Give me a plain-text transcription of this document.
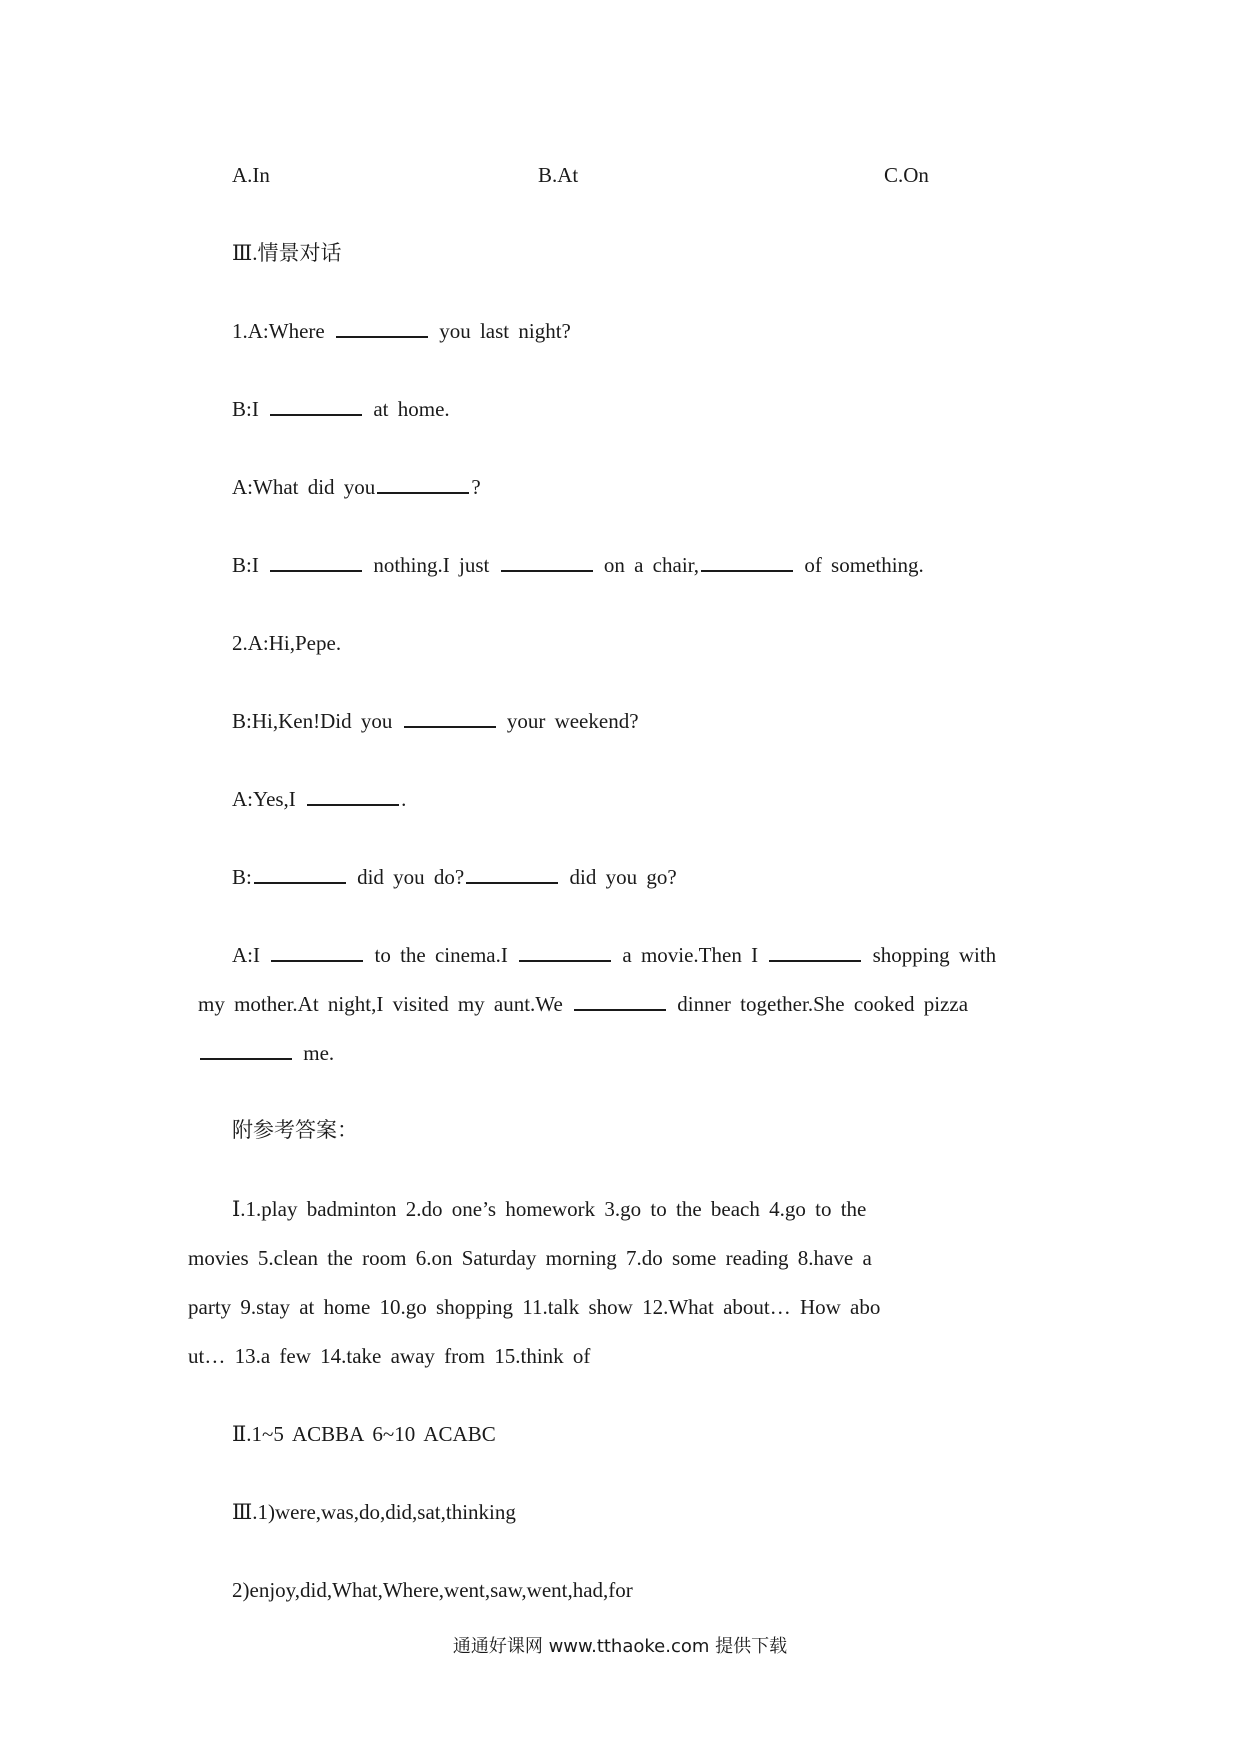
A.In	B.At	C.On
Ⅲ.情景对话
1.A:Where	you last night?
B:I	at home.
A:What did you	?
B:I	nothing.I just	on a chair,	of something.
2.A:Hi,Pepe.
B:Hi,Ken!Did you	your weekend?
A:Yes,I	.
B:	did you do?	did you go?
A:I	to the cinema.I	a movie.Then I	shopping with
my mother.At night,I visited my aunt.We	dinner together.She cooked pizza
me.
附参考答案：
Ⅰ.1.play badminton 2.do one’s homework 3.go to the beach 4.go to the
movies 5.clean the room 6.on Saturday morning 7.do some reading 8.have a
party 9.stay at home 10.go shopping 11.talk show 12.What about… How abo
ut… 13.a few 14.take away from 15.think of
Ⅱ.1~5 ACBBA 6~10 ACABC
Ⅲ.1)were,was,do,did,sat,thinking
2)enjoy,did,What,Where,went,saw,went,had,for
通通好课网 www.tthaoke.com 提供下载
